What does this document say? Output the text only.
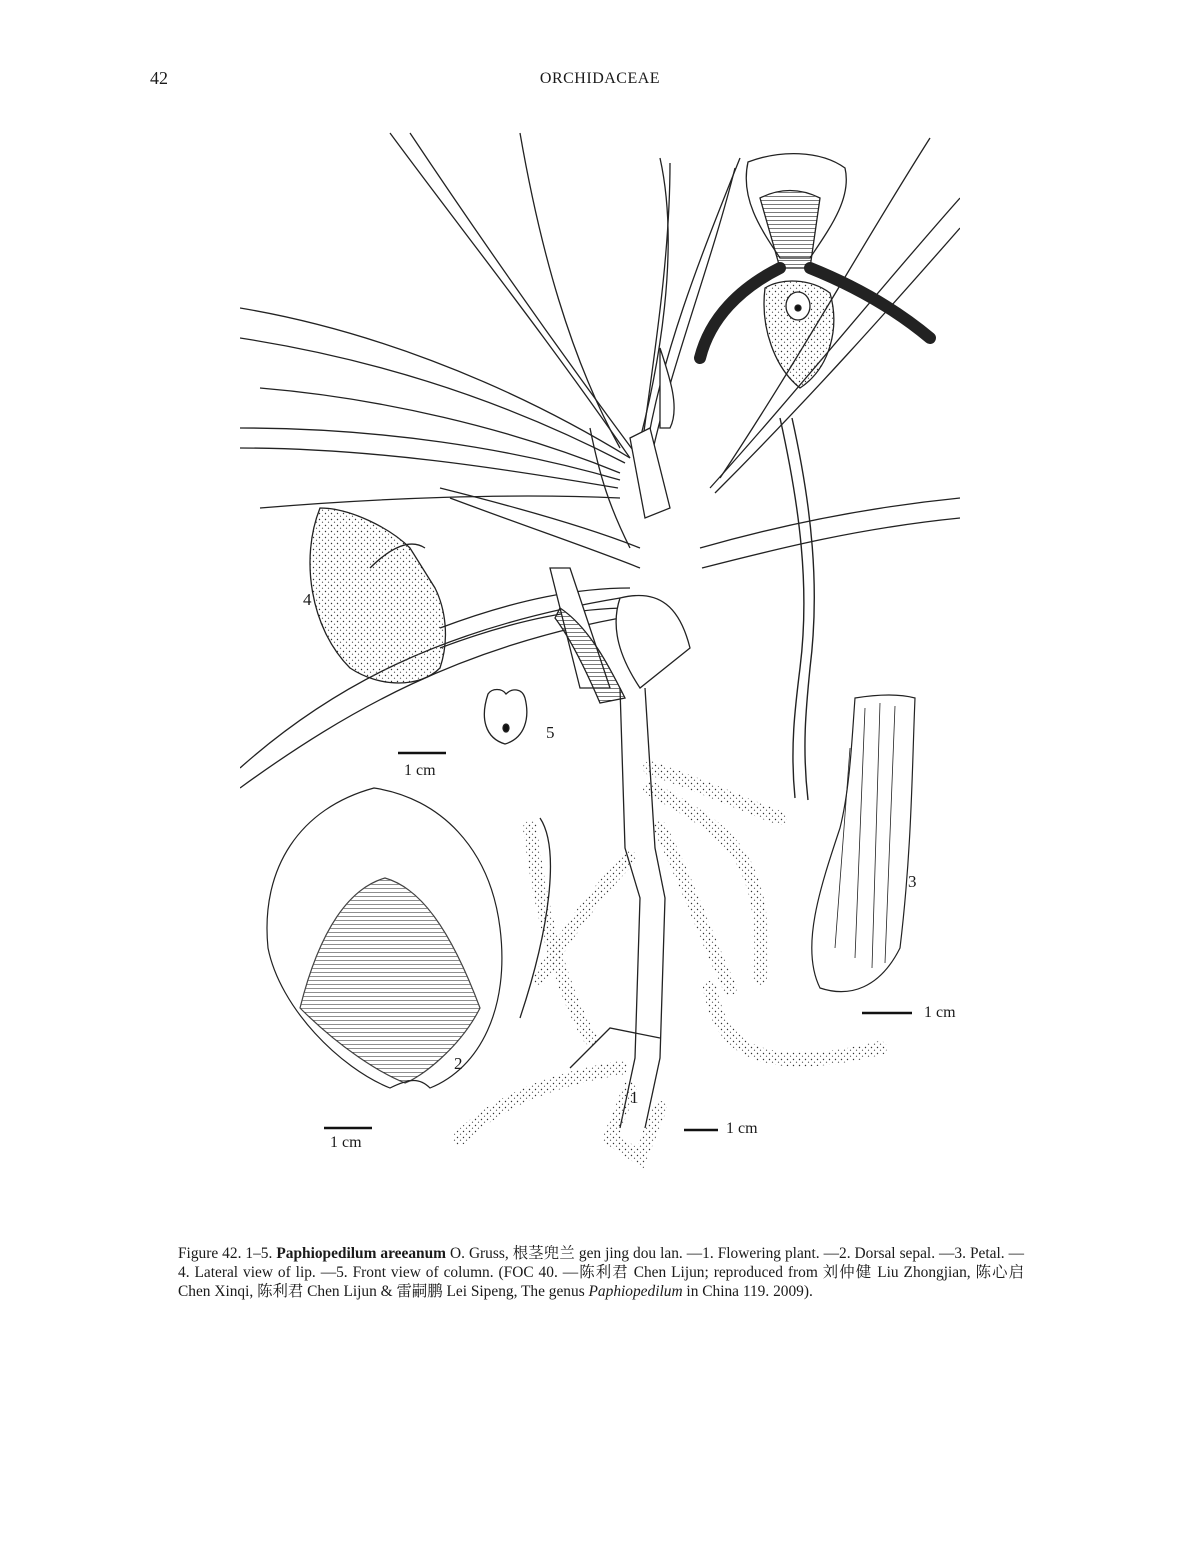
42	ORCHIDACEAE
4
5
2
3
1
1 cm
1 cm
1 cm
1 cm
Figure 42. 1–5. Paphiopedilum areeanum O. Gruss, 根茎兜兰 gen jing dou lan. —1. Flowering plant. —2. Dorsal sepal. —3. Petal. —4. Lateral view of lip. —5. Front view of column. (FOC 40. —陈利君 Chen Lijun; reproduced from 刘仲健 Liu Zhongjian, 陈心启 Chen Xinqi, 陈利君 Chen Lijun & 雷嗣鹏 Lei Sipeng, The genus Paphiopedilum in China 119. 2009).
